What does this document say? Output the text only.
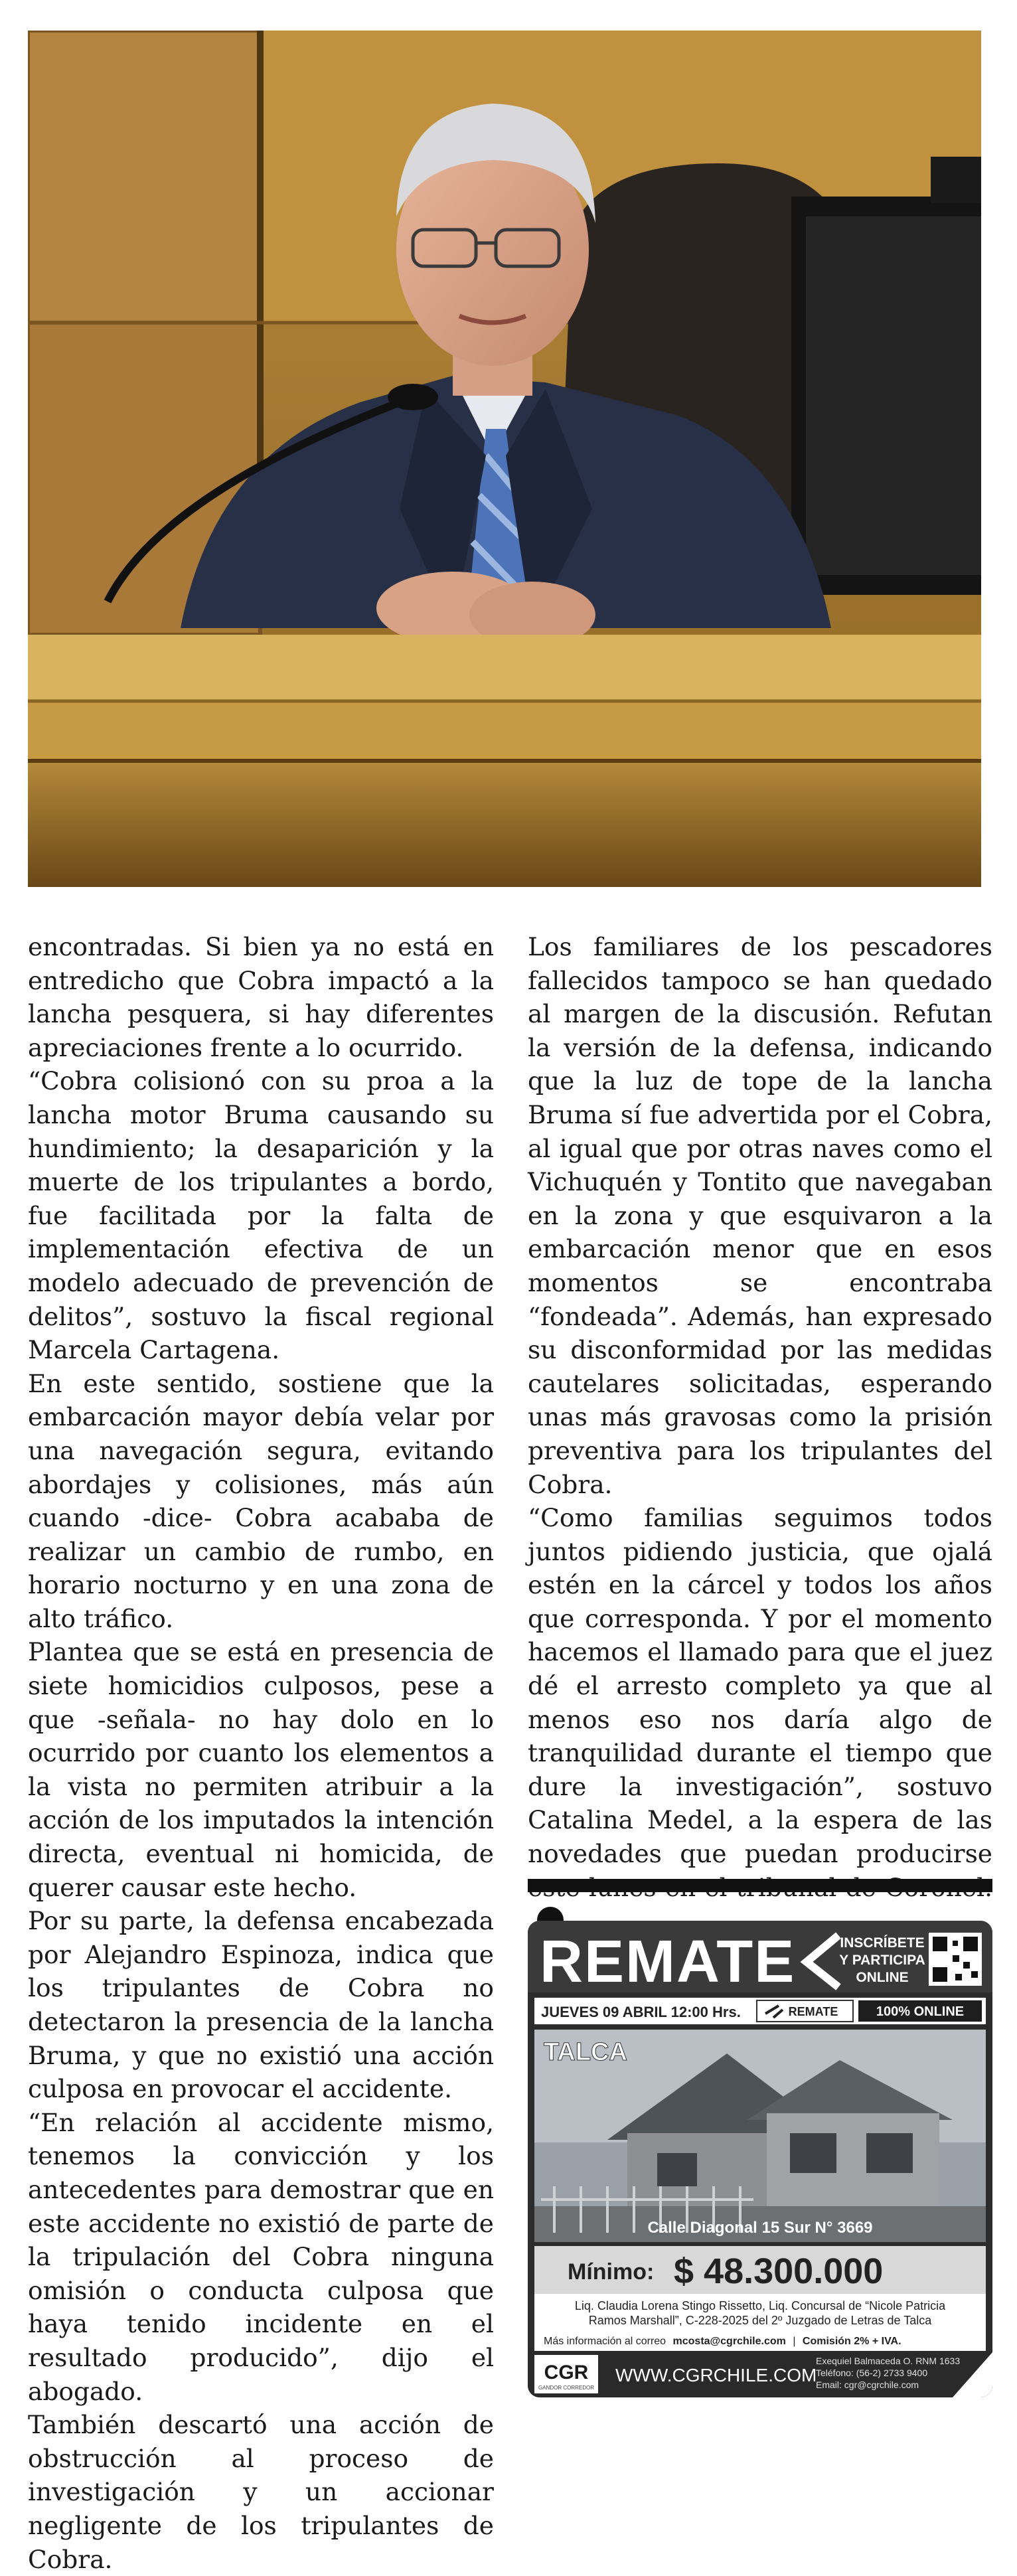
encontradas. Si bien ya no está en entredicho que Cobra impactó a la lancha pesquera, si hay diferentes apreciaciones frente a lo ocurrido.

“Cobra colisionó con su proa a la lancha motor Bruma causando su hundimiento; la desaparición y la muerte de los tripulantes a bordo, fue facilitada por la falta de implementación efectiva de un modelo adecuado de prevención de delitos”, sostuvo la fiscal regional Marcela Cartagena.

En este sentido, sostiene que la embarcación mayor debía velar por una navegación segura, evitando abordajes y colisiones, más aún cuando -dice- Cobra acababa de realizar un cambio de rumbo, en horario nocturno y en una zona de alto tráfico.

Plantea que se está en presencia de siete homicidios culposos, pese a que -señala- no hay dolo en lo ocurrido por cuanto los elementos a la vista no permiten atribuir a la acción de los imputados la intención directa, eventual ni homicida, de querer causar este hecho.

Por su parte, la defensa encabezada por Alejandro Espinoza, indica que los tripulantes de Cobra no detectaron la presencia de la lancha Bruma, y que no existió una acción culposa en provocar el accidente.

“En relación al accidente mismo, tenemos la convicción y los antecedentes para demostrar que en este accidente no existió de parte de la tripulación del Cobra ninguna omisión o conducta culposa que haya tenido incidente en el resultado producido”, dijo el abogado.

También descartó una acción de obstrucción al proceso de investigación y un accionar negligente de los tripulantes de Cobra.

Los familiares de los pescadores fallecidos tampoco se han quedado al margen de la discusión. Refutan la versión de la defensa, indicando que la luz de tope de la lancha Bruma sí fue advertida por el Cobra, al igual que por otras naves como el Vichuquén y Tontito que navegaban en la zona y que esquivaron a la embarcación menor que en esos momentos se encontraba “fondeada”. Además, han expresado su disconformidad por las medidas cautelares solicitadas, esperando unas más gravosas como la prisión preventiva para los tripulantes del Cobra.

“Como familias seguimos todos juntos pidiendo justicia, que ojalá estén en la cárcel y todos los años que corresponda. Y por el momento hacemos el llamado para que el juez dé el arresto completo ya que al menos eso nos daría algo de tranquilidad durante el tiempo que dure la investigación”, sostuvo Catalina Medel, a la espera de las novedades que puedan producirse

REMATE	INSCRÍBETE
Y PARTICIPA
ONLINE
JUEVES 09 ABRIL 12:00 Hrs.	REMATE	100% ONLINE
TALCA
Calle Diagonal 15 Sur N° 3669
Mínimo: $ 48.300.000
Liq. Claudia Lorena Stingo Rissetto, Liq. Concursal de “Nicole Patricia
Ramos Marshall”, C-228-2025 del 2º Juzgado de Letras de Talca
Más información al correo mcosta@cgrchile.com | Comisión 2% + IVA.
CGR
GANDOR CORREDOR
WWW.CGRCHILE.COM
Exequiel Balmaceda O. RNM 1633
Teléfono: (56-2) 2733 9400
Email: cgr@cgrchile.com
